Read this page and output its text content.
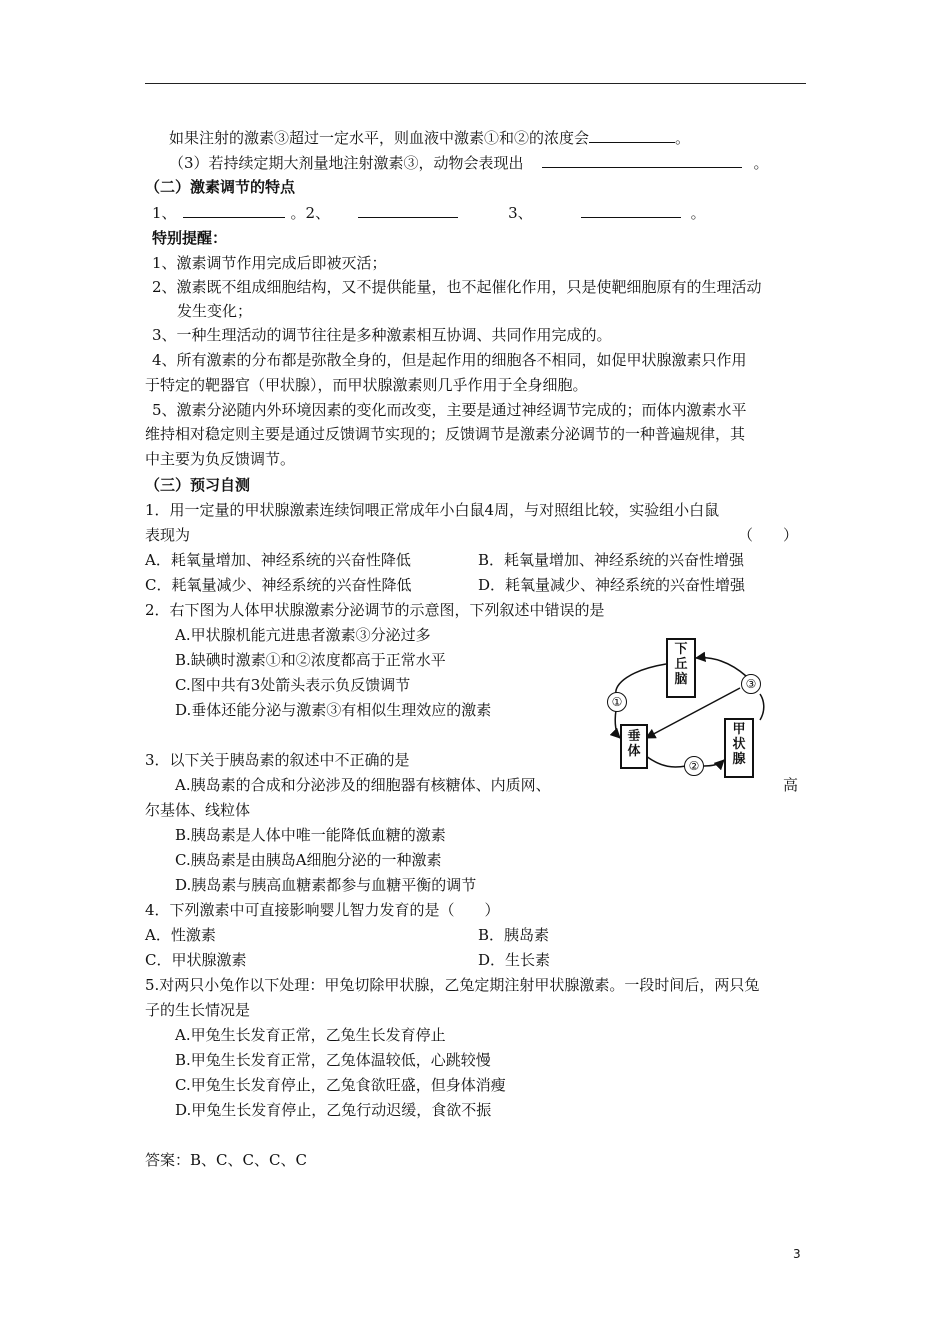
如果注射的激素③超过一定水平，则血液中激素①和②的浓度会	。
（3）若持续定期大剂量地注射激素③，动物会表现出	。
（二）激素调节的特点
1、	。2、	3、	。
特别提醒：
1、激素调节作用完成后即被灭活；
2、激素既不组成细胞结构，又不提供能量，也不起催化作用，只是使靶细胞原有的生理活动
发生变化；
3、一种生理活动的调节往往是多种激素相互协调、共同作用完成的。
4、所有激素的分布都是弥散全身的，但是起作用的细胞各不相同，如促甲状腺激素只作用
于特定的靶器官（甲状腺），而甲状腺激素则几乎作用于全身细胞。
5、激素分泌随内外环境因素的变化而改变，主要是通过神经调节完成的；而体内激素水平
维持相对稳定则主要是通过反馈调节实现的；反馈调节是激素分泌调节的一种普遍规律，其
中主要为负反馈调节。
（三）预习自测
1．用一定量的甲状腺激素连续饲喂正常成年小白鼠4周，与对照组比较，实验组小白鼠
表现为	（　　）
A．耗氧量增加、神经系统的兴奋性降低	B．耗氧量增加、神经系统的兴奋性增强
C．耗氧量减少、神经系统的兴奋性降低	D．耗氧量减少、神经系统的兴奋性增强
2．右下图为人体甲状腺激素分泌调节的示意图，下列叙述中错误的是
A.甲状腺机能亢进患者激素③分泌过多
B.缺碘时激素①和②浓度都高于正常水平
C.图中共有3处箭头表示负反馈调节
D.垂体还能分泌与激素③有相似生理效应的激素
下
丘
脑
垂
体
甲
状
腺
①
②
③
3．以下关于胰岛素的叙述中不正确的是
A.胰岛素的合成和分泌涉及的细胞器有核糖体、内质网、	高
尔基体、线粒体
B.胰岛素是人体中唯一能降低血糖的激素
C.胰岛素是由胰岛A细胞分泌的一种激素
D.胰岛素与胰高血糖素都参与血糖平衡的调节
4．下列激素中可直接影响婴儿智力发育的是（　　）
A．性激素	B．胰岛素
C．甲状腺激素	D．生长素
5.对两只小兔作以下处理：甲兔切除甲状腺，乙兔定期注射甲状腺激素。一段时间后，两只兔
子的生长情况是
A.甲兔生长发育正常，乙兔生长发育停止
B.甲兔生长发育正常，乙兔体温较低，心跳较慢
C.甲兔生长发育停止，乙兔食欲旺盛，但身体消瘦
D.甲兔生长发育停止，乙兔行动迟缓，食欲不振
答案：B、C、C、C、C
3
